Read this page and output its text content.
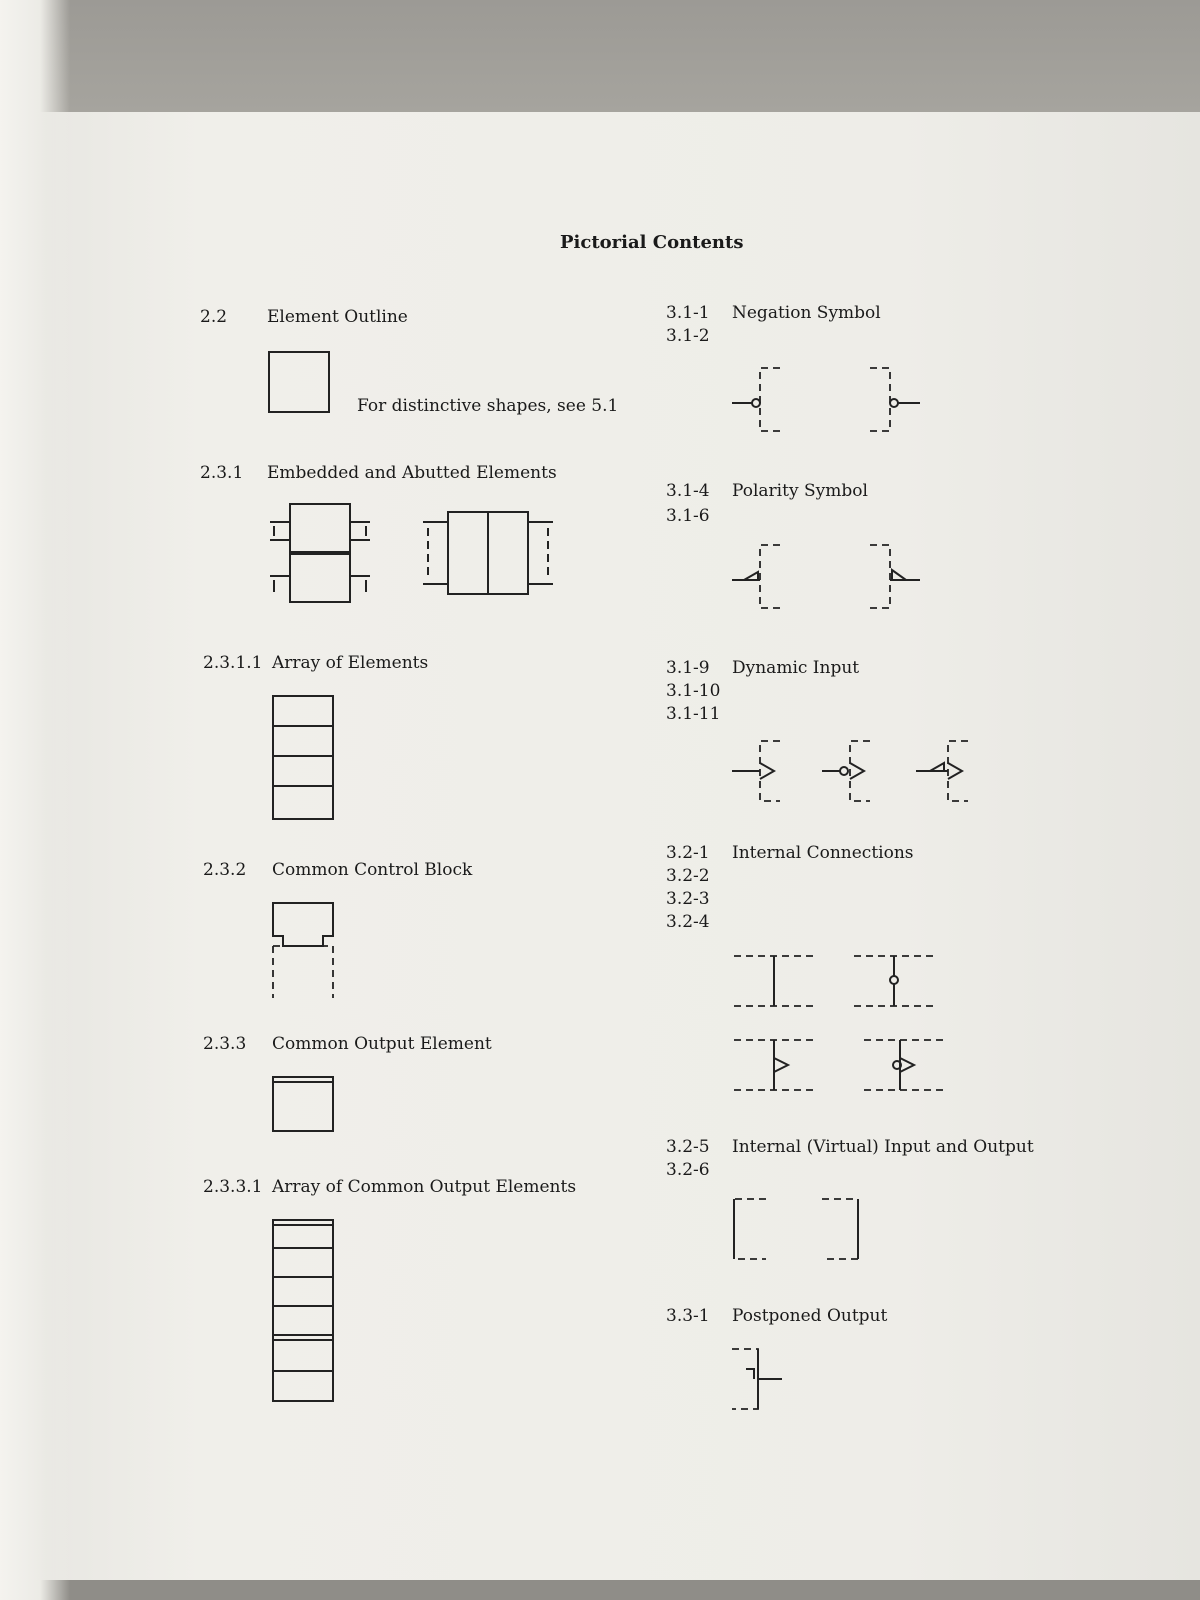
Pictorial Contents
2.2 Element Outline
For distinctive shapes, see 5.1
2.3.1 Embedded and Abutted Elements
2.3.1.1 Array of Elements
2.3.2 Common Control Block
2.3.3 Common Output Element
2.3.3.1 Array of Common Output Elements
3.1-1
3.1-2
Negation Symbol
3.1-4
3.1-6
Polarity Symbol
3.1-9
3.1-10
3.1-11
Dynamic Input
3.2-1
3.2-2
3.2-3
3.2-4
Internal Connections
3.2-5
3.2-6
Internal (Virtual) Input and Output
3.3-1 Postponed Output
